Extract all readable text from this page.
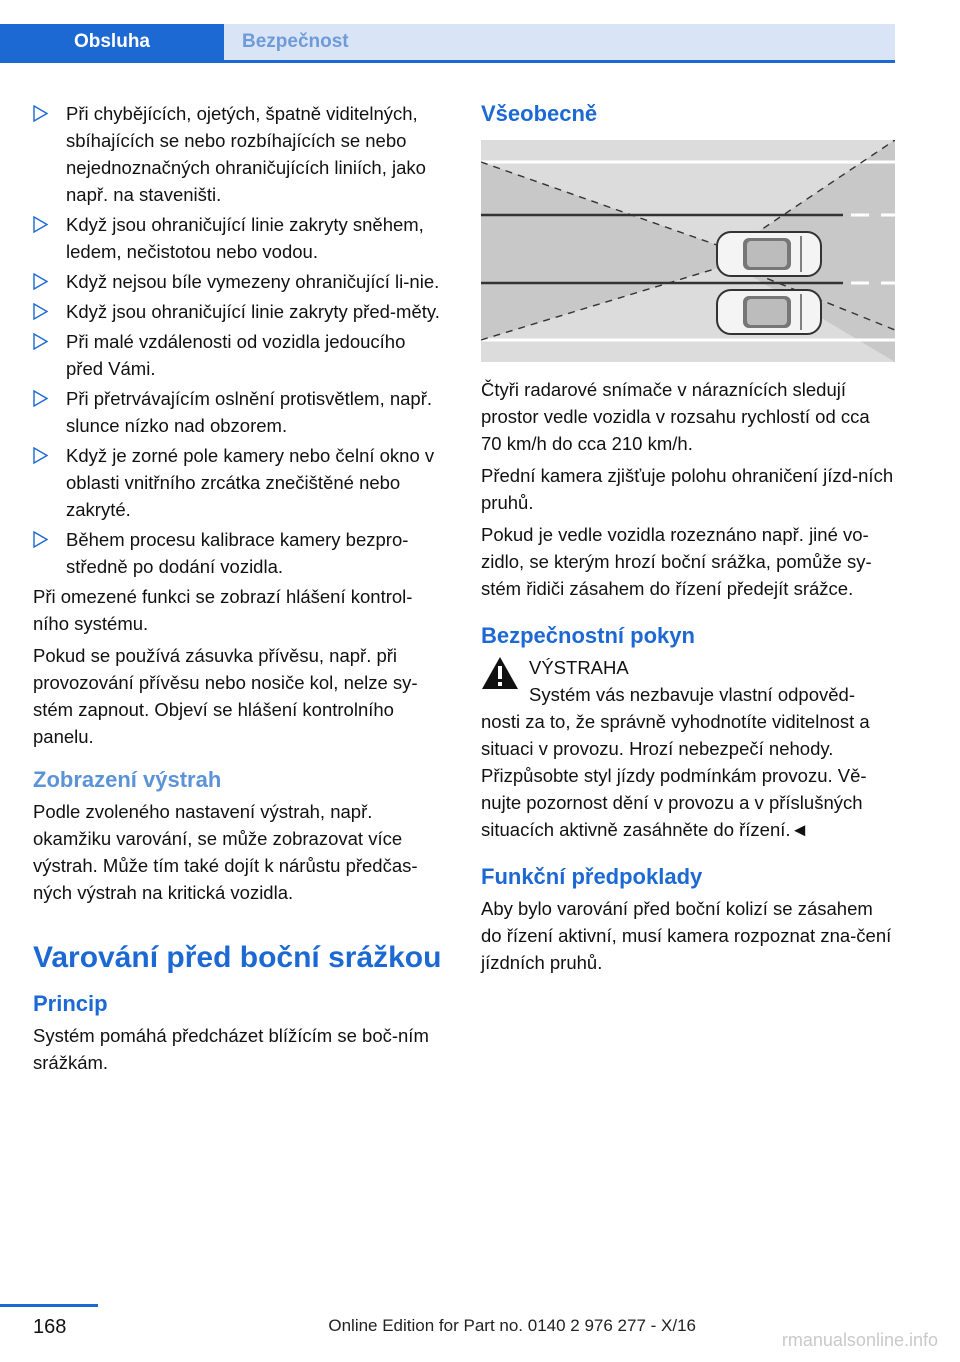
Obsluha	Bezpečnost
Při chybějících, ojetých, špatně viditelných, sbíhajících se nebo rozbíhajících se nebo nejednoznačných ohraničujících liniích, jako např. na staveništi.
Když jsou ohraničující linie zakryty sněhem, ledem, nečistotou nebo vodou.
Když nejsou bíle vymezeny ohraničující li‐nie.
Když jsou ohraničující linie zakryty před‐měty.
Při malé vzdálenosti od vozidla jedoucího před Vámi.
Při přetrvávajícím oslnění protisvětlem, např. slunce nízko nad obzorem.
Když je zorné pole kamery nebo čelní okno v oblasti vnitřního zrcátka znečištěné nebo zakryté.
Během procesu kalibrace kamery bezpro‐středně po dodání vozidla.

Při omezené funkci se zobrazí hlášení kontrol‐ního systému.

Pokud se používá zásuvka přívěsu, např. při provozování přívěsu nebo nosiče kol, nelze sy‐stém zapnout. Objeví se hlášení kontrolního panelu.

Zobrazení výstrah

Podle zvoleného nastavení výstrah, např. okamžiku varování, se může zobrazovat více výstrah. Může tím také dojít k nárůstu předčas‐ných výstrah na kritická vozidla.

Varování před boční srážkou
Princip

Systém pomáhá předcházet blížícím se boč‐ním srážkám.

Všeobecně

Čtyři radarové snímače v náraznících sledují prostor vedle vozidla v rozsahu rychlostí od cca 70 km/h do cca 210 km/h.

Přední kamera zjišťuje polohu ohraničení jízd‐ních pruhů.

Pokud je vedle vozidla rozeznáno např. jiné vo‐zidlo, se kterým hrozí boční srážka, pomůže sy‐stém řidiči zásahem do řízení předejít srážce.

Bezpečnostní pokyn
VÝSTRAHA
Systém vás nezbavuje vlastní odpověd‐

nosti za to, že správně vyhodnotíte viditelnost a situaci v provozu. Hrozí nebezpečí nehody. Přizpůsobte styl jízdy podmínkám provozu. Vě‐nujte pozornost dění v provozu a v příslušných situacích aktivně zasáhněte do řízení.◄

Funkční předpoklady

Aby bylo varování před boční kolizí se zásahem do řízení aktivní, musí kamera rozpoznat zna‐čení jízdních pruhů.

168	Online Edition for Part no. 0140 2 976 277 - X/16
rmanualsonline.info
